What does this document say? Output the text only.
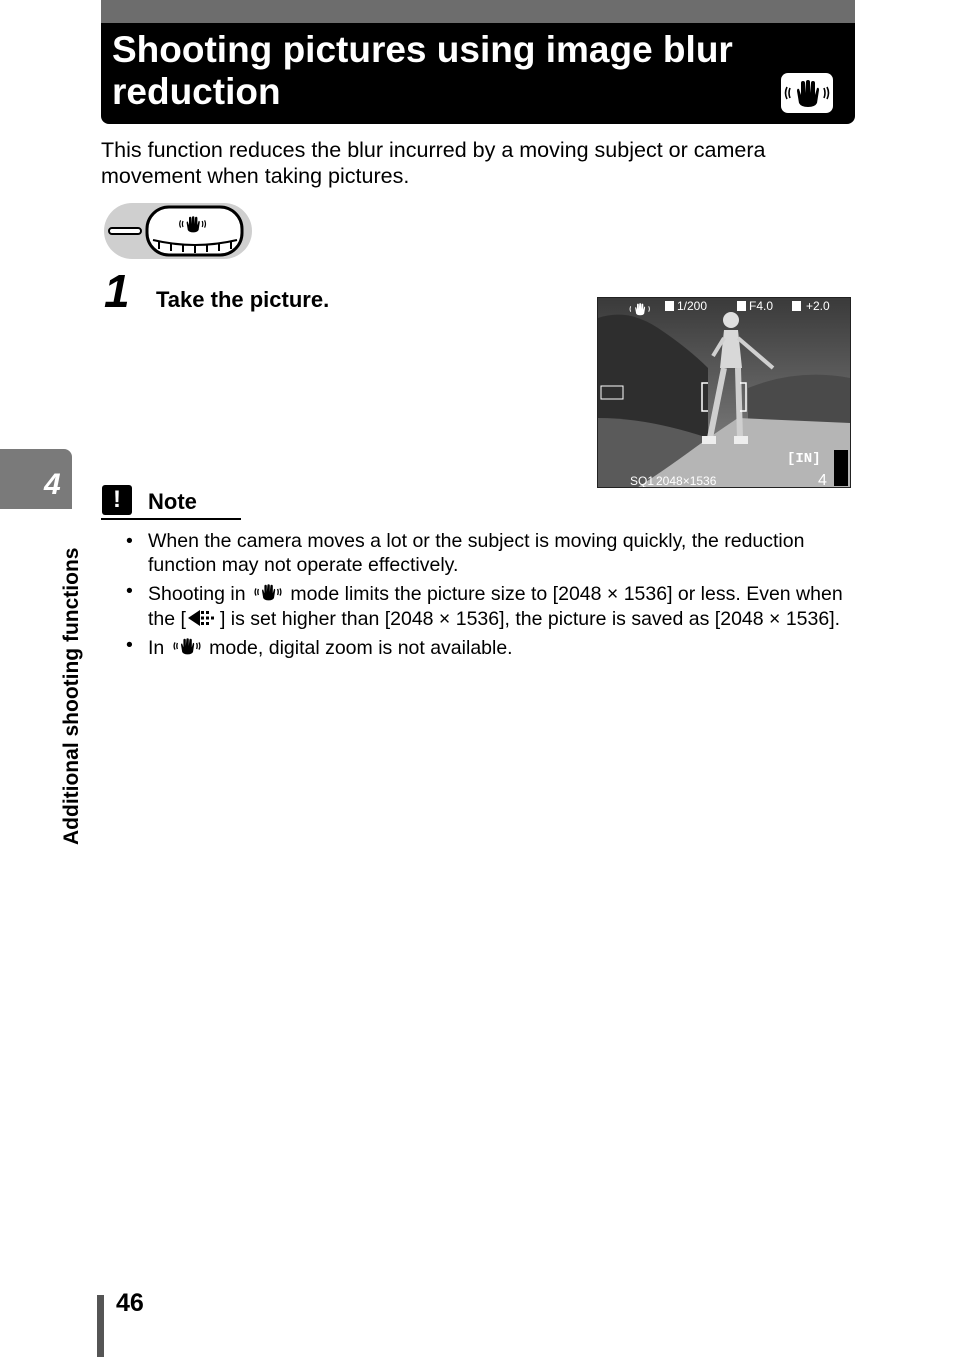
Shooting pictures using image blur reduction

This function reduces the blur incurred by a moving subject or camera movement when taking pictures.

1 Take the picture.	1/200	F4.0	+2.0
[IN]
SQ1 2048×1536	4
4
Additional shooting functions
!	Note
• When the camera moves a lot or the subject is moving quickly, the reduction function may not operate effectively.
• Shooting in  mode limits the picture size to [2048 × 1536] or less. Even when the [ ] is set higher than [2048 × 1536], the picture is saved as [2048 × 1536].
• In  mode, digital zoom is not available.
46
